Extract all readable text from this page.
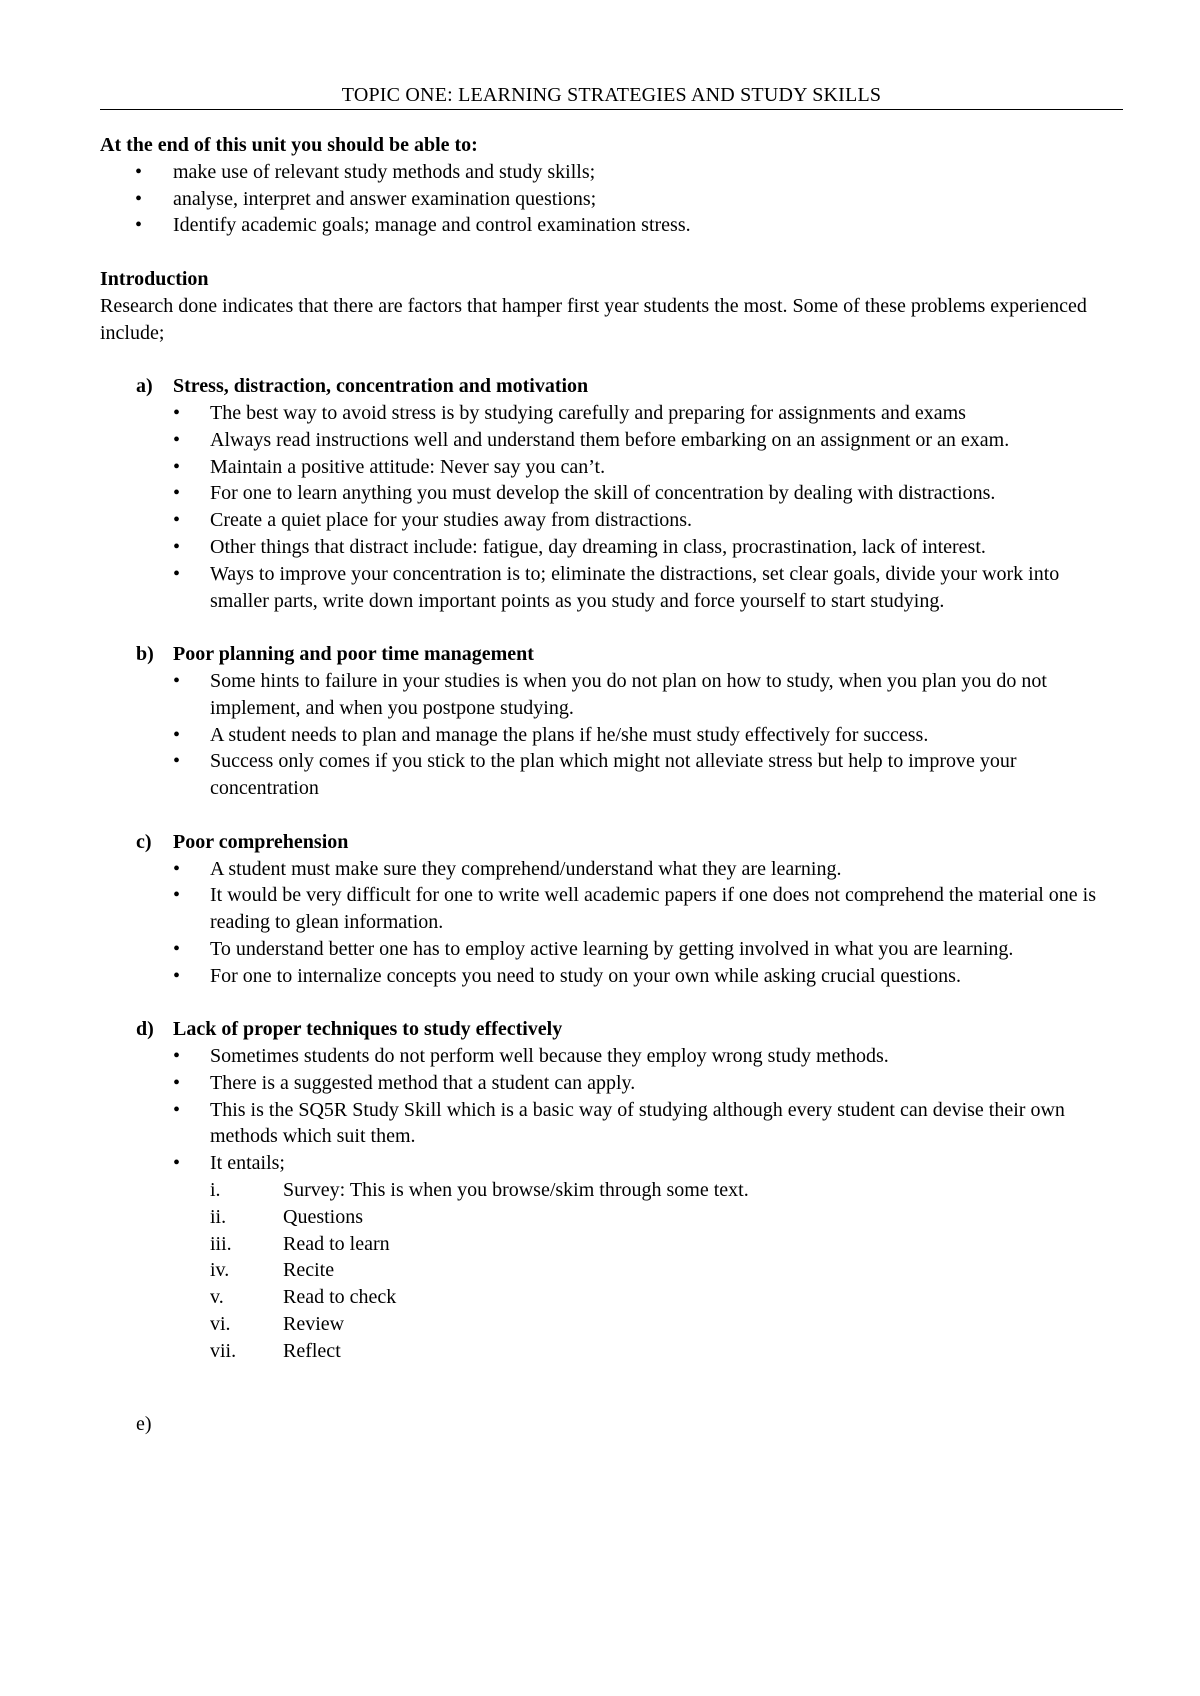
TOPIC ONE: LEARNING STRATEGIES AND STUDY SKILLS

At the end of this unit you should be able to:

• make use of relevant study methods and study skills;
• analyse, interpret and answer examination questions;
• Identify academic goals; manage and control examination stress.

Introduction

Research done indicates that there are factors that hamper first year students the most. Some of these problems experienced include;

a) Stress, distraction, concentration and motivation
• The best way to avoid stress is by studying carefully and preparing for assignments and exams
• Always read instructions well and understand them before embarking on an assignment or an exam.
• Maintain a positive attitude: Never say you can’t.
• For one to learn anything you must develop the skill of concentration by dealing with distractions.
• Create a quiet place for your studies away from distractions.
• Other things that distract include: fatigue, day dreaming in class, procrastination, lack of interest.
• Ways to improve your concentration is to; eliminate the distractions, set clear goals, divide your work into smaller parts, write down important points as you study and force yourself to start studying.
b) Poor planning and poor time management
• Some hints to failure in your studies is when you do not plan on how to study, when you plan you do not implement, and when you postpone studying.
• A student needs to plan and manage the plans if he/she must study effectively for success.
• Success only comes if you stick to the plan which might not alleviate stress but help to improve your concentration
c) Poor comprehension
• A student must make sure they comprehend/understand what they are learning.
• It would be very difficult for one to write well academic papers if one does not comprehend the material one is reading to glean information.
• To understand better one has to employ active learning by getting involved in what you are learning.
• For one to internalize concepts you need to study on your own while asking crucial questions.
d) Lack of proper techniques to study effectively
• Sometimes students do not perform well because they employ wrong study methods.
• There is a suggested method that a student can apply.
• This is the SQ5R Study Skill which is a basic way of studying although every student can devise their own methods which suit them.
• It entails;
i.	Survey: This is when you browse/skim through some text.
ii.	Questions
iii.	Read to learn
iv.	Recite
v.	Read to check
vi.	Review
vii. Reflect

e)
